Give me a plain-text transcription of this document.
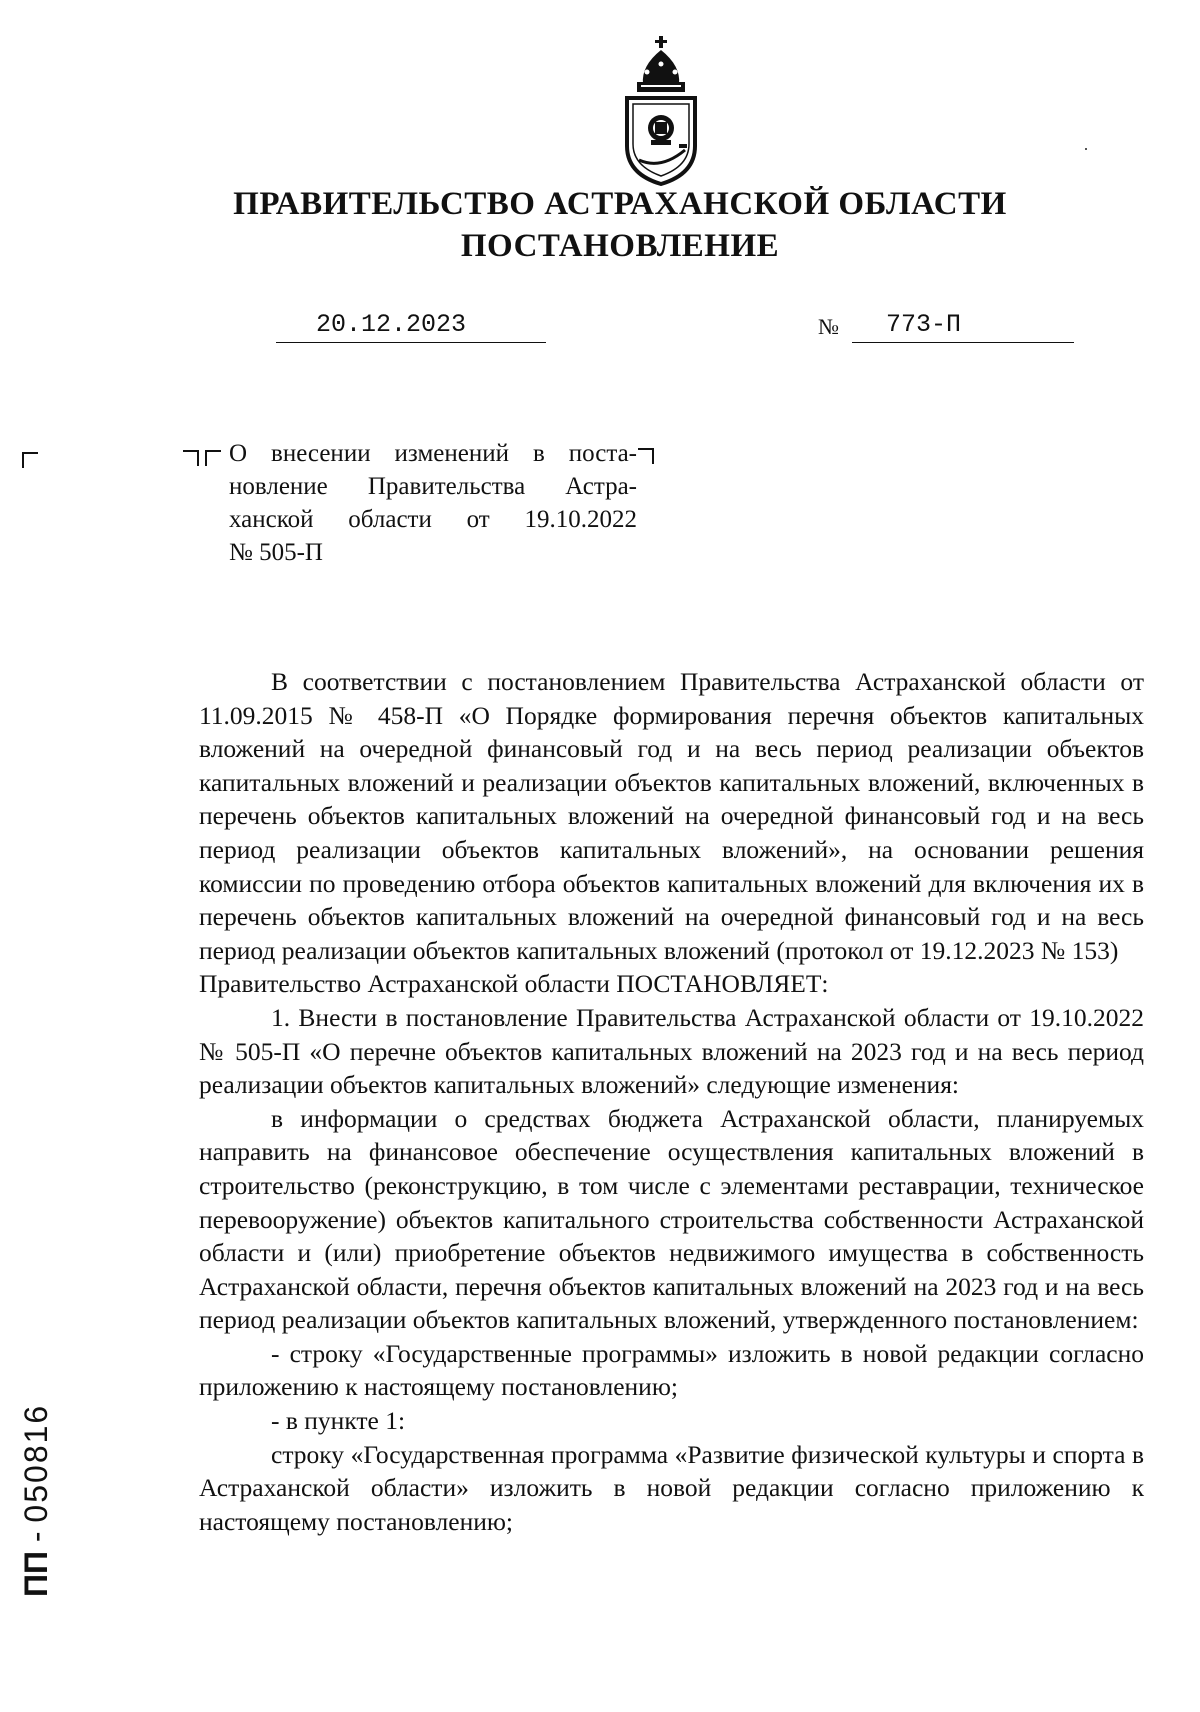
ПРАВИТЕЛЬСТВО АСТРАХАНСКОЙ ОБЛАСТИ
ПОСТАНОВЛЕНИЕ
20.12.2023	№ 773-П
О внесении изменений в поста-
новление Правительства Астра-
ханской области от 19.10.2022
№ 505-П

В соответствии с постановлением Правительства Астраханской области от 11.09.2015 № 458-П «О Порядке формирования перечня объектов капитальных вложений на очередной финансовый год и на весь период реализации объектов капитальных вложений и реализации объектов капитальных вложений, включенных в перечень объектов капитальных вложений на очередной финансовый год и на весь период реализации объектов капитальных вложений», на основании решения комиссии по проведению отбора объектов капитальных вложений для включения их в перечень объектов капитальных вложений на очередной финансовый год и на весь период реализации объектов капитальных вложений (протокол от 19.12.2023 № 153)

Правительство Астраханской области ПОСТАНОВЛЯЕТ:

1. Внести в постановление Правительства Астраханской области от 19.10.2022 № 505-П «О перечне объектов капитальных вложений на 2023 год и на весь период реализации объектов капитальных вложений» следующие изменения:

в информации о средствах бюджета Астраханской области, планируемых направить на финансовое обеспечение осуществления капитальных вложений в строительство (реконструкцию, в том числе с элементами реставрации, техническое перевооружение) объектов капитального строительства собственности Астраханской области и (или) приобретение объектов недвижимого имущества в собственность Астраханской области, перечня объектов капитальных вложений на 2023 год и на весь период реализации объектов капитальных вложений, утвержденного постановлением:

- строку «Государственные программы» изложить в новой редакции согласно приложению к настоящему постановлению;

- в пункте 1:

строку «Государственная программа «Развитие физической культуры и спорта в Астраханской области» изложить в новой редакции согласно приложению к настоящему постановлению;

ПП - 050816
